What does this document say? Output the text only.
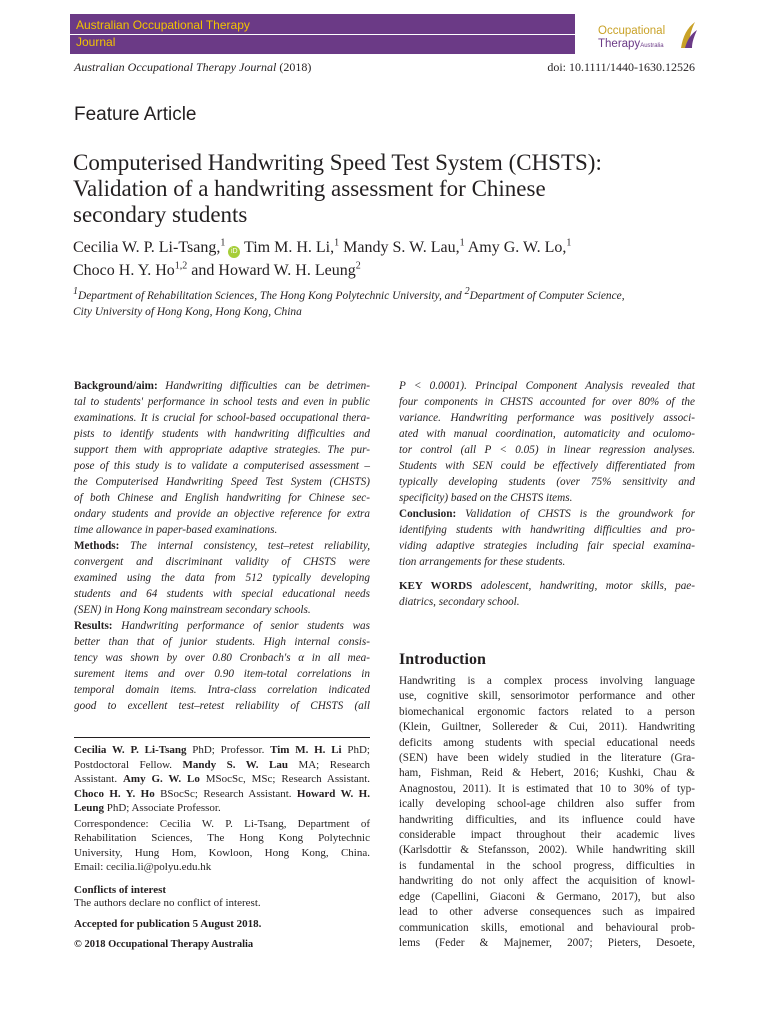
Australian Occupational Therapy
Journal
Occupational
TherapyAustralia
Australian Occupational Therapy Journal (2018)	doi: 10.1111/1440-1630.12526
Feature Article
Computerised Handwriting Speed Test System (CHSTS):
Validation of a handwriting assessment for Chinese
secondary students
Cecilia W. P. Li-Tsang,$^1$iD Tim M. H. Li,$^1$ Mandy S. W. Lau,$^1$ Amy G. W. Lo,$^1$
Choco H. Y. Ho$^{1,2}$ and Howard W. H. Leung$^2$
$^1$Department of Rehabilitation Sciences, The Hong Kong Polytechnic University, and $^2$Department of Computer Science,
City University of Hong Kong, Hong Kong, China
Background/aim: Handwriting difficulties can be detrimen-
tal to students' performance in school tests and even in public
examinations. It is crucial for school-based occupational thera-
pists to identify students with handwriting difficulties and
support them with appropriate adaptive strategies. The pur-
pose of this study is to validate a computerised assessment –
the Computerised Handwriting Speed Test System (CHSTS)
of both Chinese and English handwriting for Chinese sec-
ondary students and provide an objective reference for extra
time allowance in paper-based examinations.
Methods: The internal consistency, test–retest reliability,
convergent and discriminant validity of CHSTS were
examined using the data from 512 typically developing
students and 64 students with special educational needs
(SEN) in Hong Kong mainstream secondary schools.
Results: Handwriting performance of senior students was
better than that of junior students. High internal consis-
tency was shown by over 0.80 Cronbach's α in all mea-
surement items and over 0.90 item-total correlations in
temporal domain items. Intra-class correlation indicated
good to excellent test–retest reliability of CHSTS (all
P < 0.0001). Principal Component Analysis revealed that
four components in CHSTS accounted for over 80% of the
variance. Handwriting performance was positively associ-
ated with manual coordination, automaticity and oculomo-
tor control (all P < 0.05) in linear regression analyses.
Students with SEN could be effectively differentiated from
typically developing students (over 75% sensitivity and
specificity) based on the CHSTS items.
Conclusion: Validation of CHSTS is the groundwork for
identifying students with handwriting difficulties and pro-
viding adaptive strategies including fair special examina-
tion arrangements for these students.
KEY WORDS adolescent, handwriting, motor skills, pae-
diatrics, secondary school.
Cecilia W. P. Li-Tsang PhD; Professor. Tim M. H. Li PhD;
Postdoctoral Fellow. Mandy S. W. Lau MA; Research
Assistant. Amy G. W. Lo MSocSc, MSc; Research Assistant.
Choco H. Y. Ho BSocSc; Research Assistant. Howard W. H.
Leung PhD; Associate Professor.
Correspondence: Cecilia W. P. Li-Tsang, Department of
Rehabilitation Sciences, The Hong Kong Polytechnic
University, Hung Hom, Kowloon, Hong Kong, China.
Email: cecilia.li@polyu.edu.hk
Conflicts of interest
The authors declare no conflict of interest.
Accepted for publication 5 August 2018.
© 2018 Occupational Therapy Australia
Introduction
Handwriting is a complex process involving language
use, cognitive skill, sensorimotor performance and other
biomechanical ergonomic factors related to a person
(Klein, Guiltner, Sollereder & Cui, 2011). Handwriting
deficits among students with special educational needs
(SEN) have been widely studied in the literature (Gra-
ham, Fishman, Reid & Hebert, 2016; Kushki, Chau &
Anagnostou, 2011). It is estimated that 10 to 30% of typ-
ically developing school-age children also suffer from
handwriting difficulties, and its influence could have
considerable impact throughout their academic lives
(Karlsdottir & Stefansson, 2002). While handwriting skill
is fundamental in the school progress, difficulties in
handwriting do not only affect the acquisition of knowl-
edge (Capellini, Giaconi & Germano, 2017), but also
lead to other adverse consequences such as impaired
communication skills, emotional and behavioural prob-
lems (Feder & Majnemer, 2007; Pieters, Desoete,
